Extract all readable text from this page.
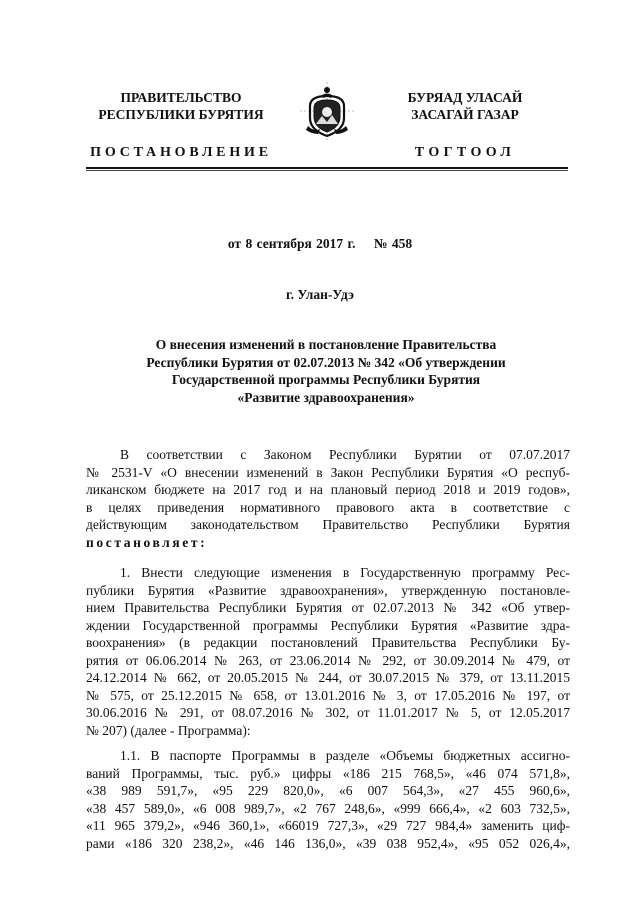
ПРАВИТЕЛЬСТВО
РЕСПУБЛИКИ БУРЯТИЯ
ПОСТАНОВЛЕНИЕ
БУРЯАД УЛАСАЙ
ЗАСАГАЙ ГАЗАР
ТОГТООЛ
от 8 сентября 2017 г. № 458
г. Улан-Удэ
О внесения изменений в постановление Правительства
Республики Бурятия от 02.07.2013 № 342 «Об утверждении
Государственной программы Республики Бурятия
«Развитие здравоохранения»
В соответствии с Законом Республики Бурятии от 07.07.2017
№ 2531-V «О внесении изменений в Закон Республики Бурятия «О респуб-
ликанском бюджете на 2017 год и на плановый период 2018 и 2019 годов»,
в целях приведения нормативного правового акта в соответствие с
действующим законодательством Правительство Республики Бурятия
постановляет:
1. Внести следующие изменения в Государственную программу Рес-
публики Бурятия «Развитие здравоохранения», утвержденную постановле-
нием Правительства Республики Бурятия от 02.07.2013 № 342 «Об утвер-
ждении Государственной программы Республики Бурятия «Развитие здра-
воохранения» (в редакции постановлений Правительства Республики Бу-
рятия от 06.06.2014 № 263, от 23.06.2014 № 292, от 30.09.2014 № 479, от
24.12.2014 № 662, от 20.05.2015 № 244, от 30.07.2015 № 379, от 13.11.2015
№ 575, от 25.12.2015 № 658, от 13.01.2016 № 3, от 17.05.2016 № 197, от
30.06.2016 № 291, от 08.07.2016 № 302, от 11.01.2017 № 5, от 12.05.2017
№ 207) (далее - Программа):
1.1. В паспорте Программы в разделе «Объемы бюджетных ассигно-
ваний Программы, тыс. руб.» цифры «186 215 768,5», «46 074 571,8»,
«38 989 591,7», «95 229 820,0», «6 007 564,3», «27 455 960,6»,
«38 457 589,0», «6 008 989,7», «2 767 248,6», «999 666,4», «2 603 732,5»,
«11 965 379,2», «946 360,1», «66019 727,3», «29 727 984,4» заменить циф-
рами «186 320 238,2», «46 146 136,0», «39 038 952,4», «95 052 026,4»,
